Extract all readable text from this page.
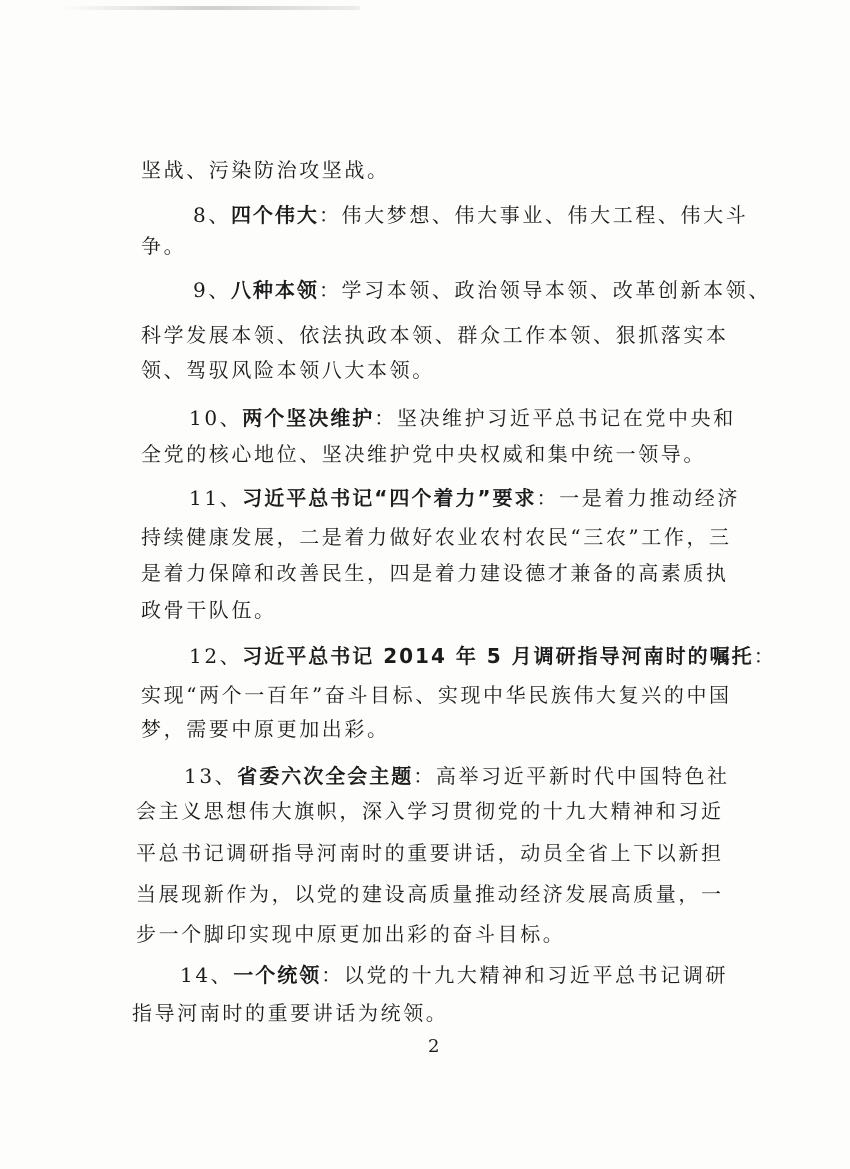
坚战、污染防治攻坚战。
8、四个伟大：伟大梦想、伟大事业、伟大工程、伟大斗
争。
9、八种本领：学习本领、政治领导本领、改革创新本领、
科学发展本领、依法执政本领、群众工作本领、狠抓落实本
领、驾驭风险本领八大本领。
10、两个坚决维护：坚决维护习近平总书记在党中央和
全党的核心地位、坚决维护党中央权威和集中统一领导。
11、习近平总书记“四个着力”要求：一是着力推动经济
持续健康发展，二是着力做好农业农村农民“三农”工作，三
是着力保障和改善民生，四是着力建设德才兼备的高素质执
政骨干队伍。
12、习近平总书记 2014 年 5 月调研指导河南时的嘱托：
实现“两个一百年”奋斗目标、实现中华民族伟大复兴的中国
梦，需要中原更加出彩。
13、省委六次全会主题：高举习近平新时代中国特色社
会主义思想伟大旗帜，深入学习贯彻党的十九大精神和习近
平总书记调研指导河南时的重要讲话，动员全省上下以新担
当展现新作为，以党的建设高质量推动经济发展高质量，一
步一个脚印实现中原更加出彩的奋斗目标。
14、一个统领：以党的十九大精神和习近平总书记调研
指导河南时的重要讲话为统领。
2
